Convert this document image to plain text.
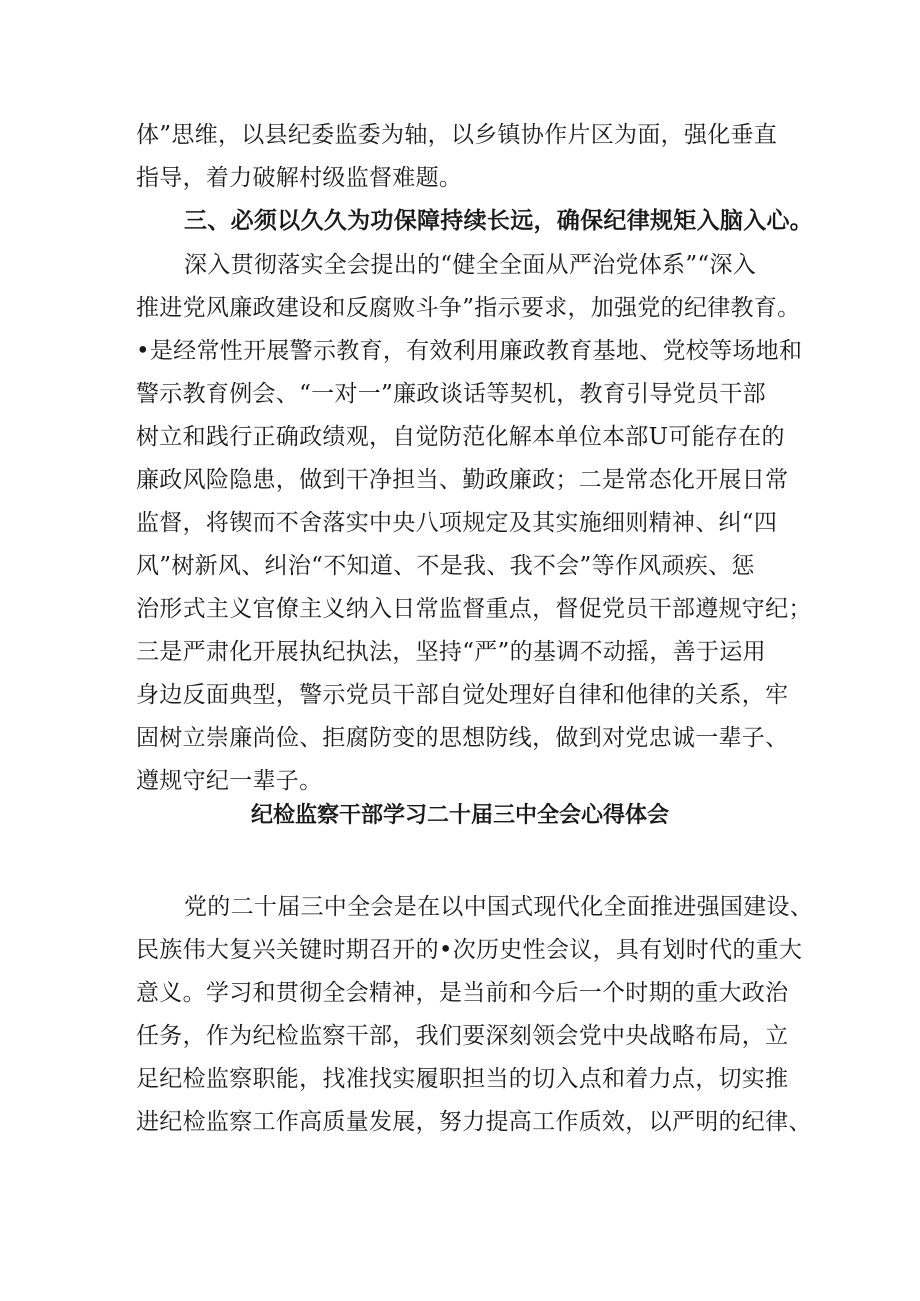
体”思维，以县纪委监委为轴，以乡镇协作片区为面，强化垂直
指导，着力破解村级监督难题。
三、必须以久久为功保障持续长远，确保纪律规矩入脑入心。
深入贯彻落实全会提出的“健全全面从严治党体系”“深入
推进党风廉政建设和反腐败斗争”指示要求，加强党的纪律教育。
•是经常性开展警示教育，有效利用廉政教育基地、党校等场地和
警示教育例会、“一对一”廉政谈话等契机，教育引导党员干部
树立和践行正确政绩观，自觉防范化解本单位本部U可能存在的
廉政风险隐患，做到干净担当、勤政廉政；二是常态化开展日常
监督，将锲而不舍落实中央八项规定及其实施细则精神、纠“四
风”树新风、纠治“不知道、不是我、我不会”等作风顽疾、惩
治形式主义官僚主义纳入日常监督重点，督促党员干部遵规守纪；
三是严肃化开展执纪执法，坚持“严”的基调不动摇，善于运用
身边反面典型，警示党员干部自觉处理好自律和他律的关系，牢
固树立崇廉尚俭、拒腐防变的思想防线，做到对党忠诚一辈子、
遵规守纪一辈子。
纪检监察干部学习二十届三中全会心得体会
党的二十届三中全会是在以中国式现代化全面推进强国建设、
民族伟大复兴关键时期召开的•次历史性会议，具有划时代的重大
意义。学习和贯彻全会精神，是当前和今后一个时期的重大政治
任务，作为纪检监察干部，我们要深刻领会党中央战略布局，立
足纪检监察职能，找准找实履职担当的切入点和着力点，切实推
进纪检监察工作高质量发展，努力提高工作质效，以严明的纪律、
